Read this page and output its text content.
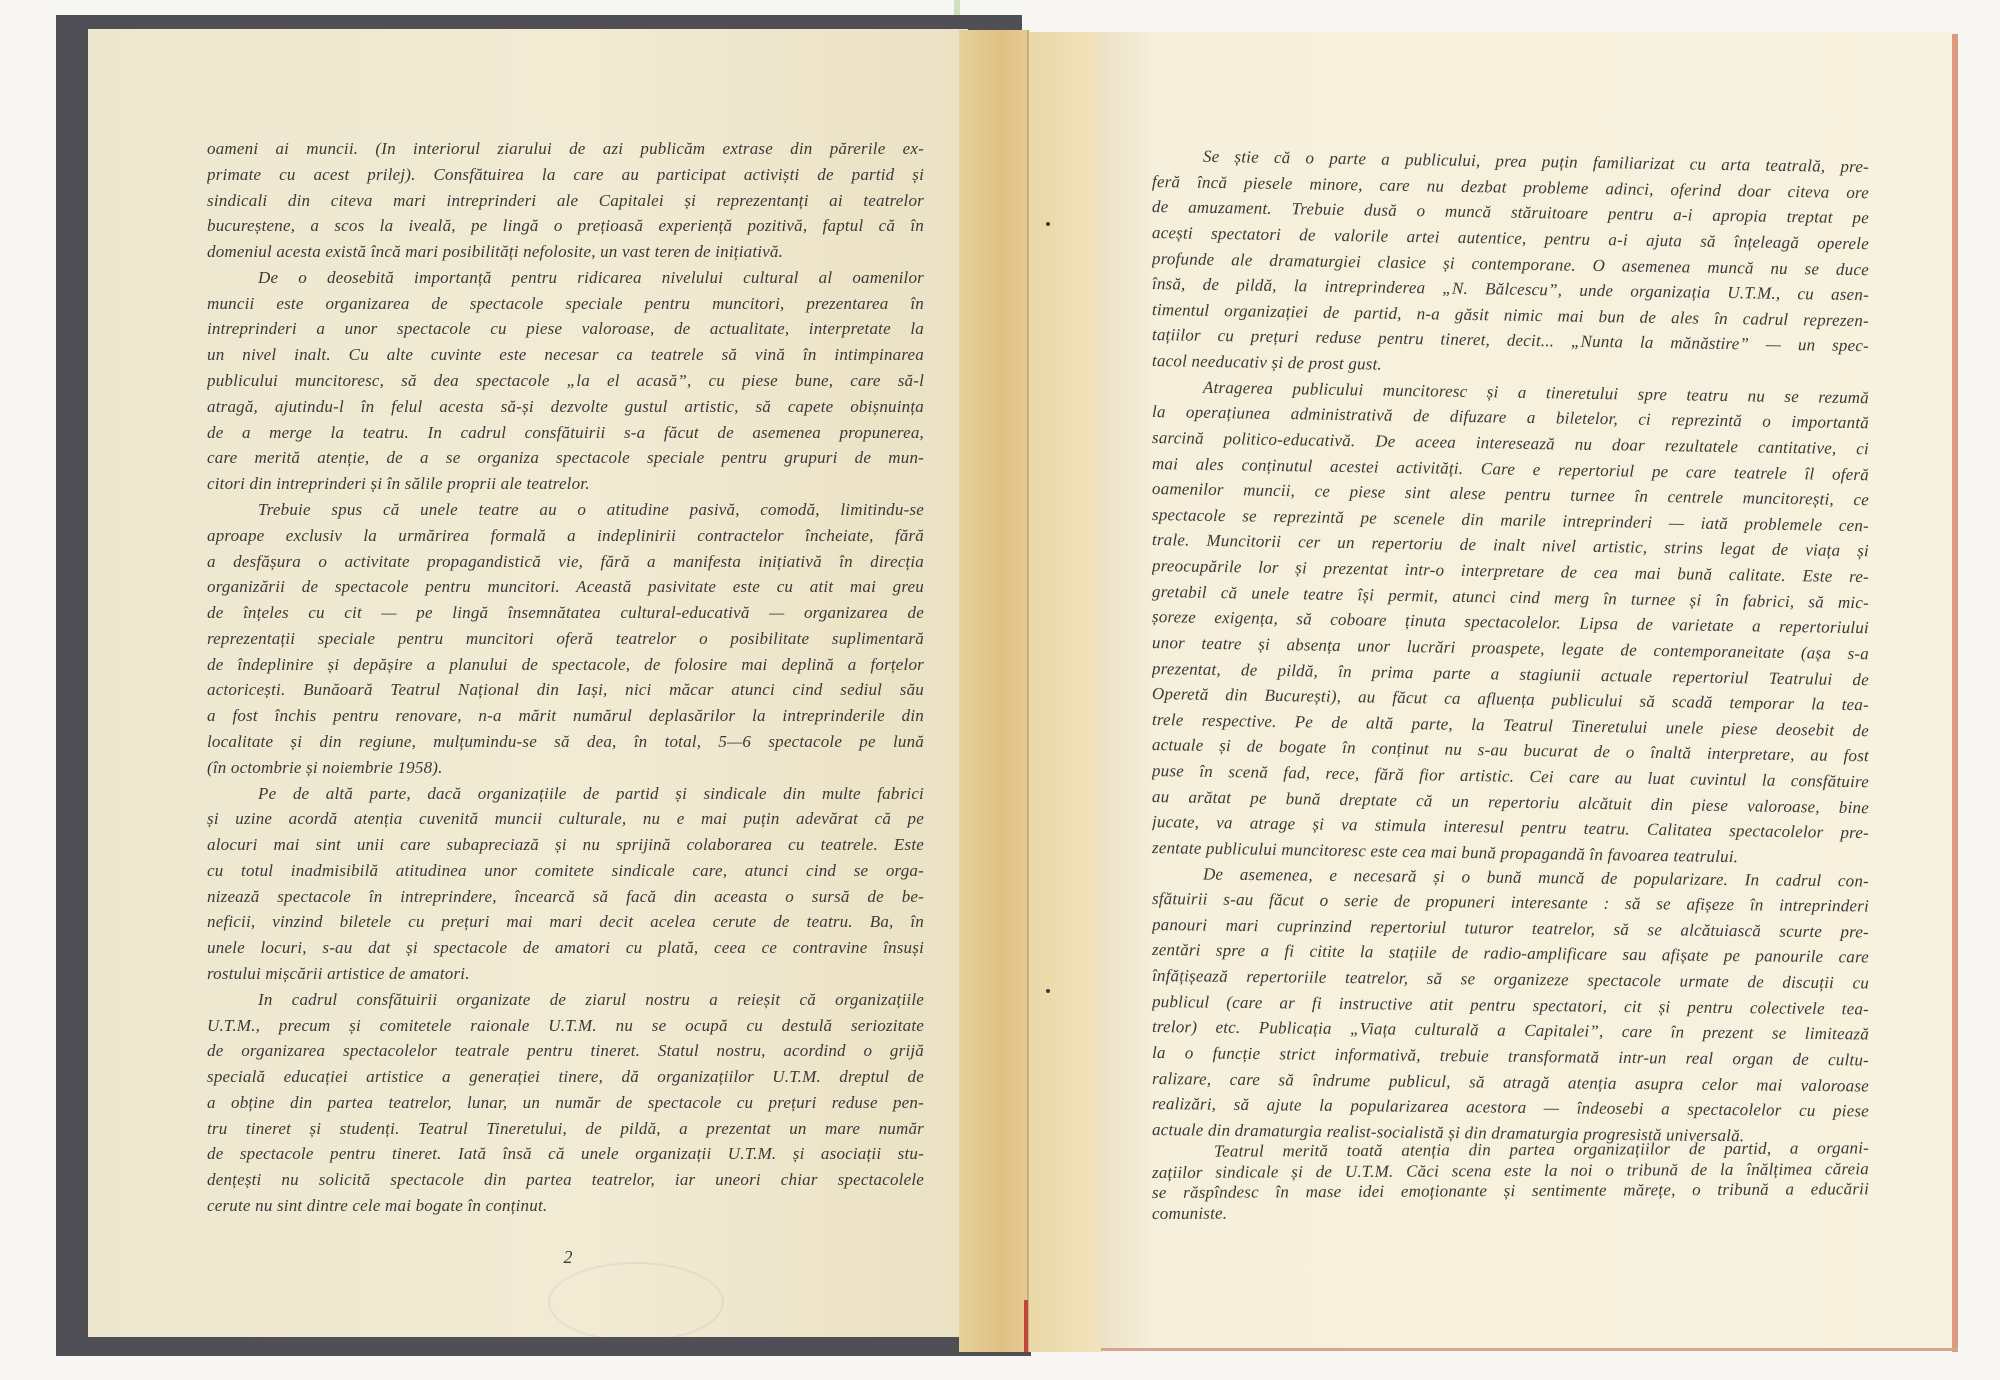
oameni ai muncii. (In interiorul ziarului de azi publicăm extrase din părerile ex-
primate cu acest prilej). Consfătuirea la care au participat activiști de partid și
sindicali din citeva mari intreprinderi ale Capitalei și reprezentanți ai teatrelor
bucureștene, a scos la iveală, pe lingă o prețioasă experiență pozitivă, faptul că în
domeniul acesta există încă mari posibilități nefolosite, un vast teren de inițiativă.
De o deosebită importanță pentru ridicarea nivelului cultural al oamenilor
muncii este organizarea de spectacole speciale pentru muncitori, prezentarea în
intreprinderi a unor spectacole cu piese valoroase, de actualitate, interpretate la
un nivel inalt. Cu alte cuvinte este necesar ca teatrele să vină în intimpinarea
publicului muncitoresc, să dea spectacole „la el acasă”, cu piese bune, care să-l
atragă, ajutindu-l în felul acesta să-și dezvolte gustul artistic, să capete obișnuința
de a merge la teatru. In cadrul consfătuirii s-a făcut de asemenea propunerea,
care merită atenție, de a se organiza spectacole speciale pentru grupuri de mun-
citori din intreprinderi și în sălile proprii ale teatrelor.
Trebuie spus că unele teatre au o atitudine pasivă, comodă, limitindu-se
aproape exclusiv la urmărirea formală a indeplinirii contractelor încheiate, fără
a desfășura o activitate propagandistică vie, fără a manifesta inițiativă în direcția
organizării de spectacole pentru muncitori. Această pasivitate este cu atit mai greu
de înțeles cu cit — pe lingă însemnătatea cultural-educativă — organizarea de
reprezentații speciale pentru muncitori oferă teatrelor o posibilitate suplimentară
de îndeplinire și depășire a planului de spectacole, de folosire mai deplină a forțelor
actoricești. Bunăoară Teatrul Național din Iași, nici măcar atunci cind sediul său
a fost închis pentru renovare, n-a mărit numărul deplasărilor la intreprinderile din
localitate și din regiune, mulțumindu-se să dea, în total, 5—6 spectacole pe lună
(în octombrie și noiembrie 1958).
Pe de altă parte, dacă organizațiile de partid și sindicale din multe fabrici
și uzine acordă atenția cuvenită muncii culturale, nu e mai puțin adevărat că pe
alocuri mai sint unii care subapreciază și nu sprijină colaborarea cu teatrele. Este
cu totul inadmisibilă atitudinea unor comitete sindicale care, atunci cind se orga-
nizează spectacole în intreprindere, încearcă să facă din aceasta o sursă de be-
neficii, vinzind biletele cu prețuri mai mari decit acelea cerute de teatru. Ba, în
unele locuri, s-au dat și spectacole de amatori cu plată, ceea ce contravine însuși
rostului mișcării artistice de amatori.
In cadrul consfătuirii organizate de ziarul nostru a reieșit că organizațiile
U.T.M., precum și comitetele raionale U.T.M. nu se ocupă cu destulă seriozitate
de organizarea spectacolelor teatrale pentru tineret. Statul nostru, acordind o grijă
specială educației artistice a generației tinere, dă organizațiilor U.T.M. dreptul de
a obține din partea teatrelor, lunar, un număr de spectacole cu prețuri reduse pen-
tru tineret și studenți. Teatrul Tineretului, de pildă, a prezentat un mare număr
de spectacole pentru tineret. Iată însă că unele organizații U.T.M. și asociații stu-
dențești nu solicită spectacole din partea teatrelor, iar uneori chiar spectacolele
cerute nu sint dintre cele mai bogate în conținut.
2
Se știe că o parte a publicului, prea puțin familiarizat cu arta teatrală, pre-
feră încă piesele minore, care nu dezbat probleme adinci, oferind doar citeva ore
de amuzament. Trebuie dusă o muncă stăruitoare pentru a-i apropia treptat pe
acești spectatori de valorile artei autentice, pentru a-i ajuta să înțeleagă operele
profunde ale dramaturgiei clasice și contemporane. O asemenea muncă nu se duce
însă, de pildă, la intreprinderea „N. Bălcescu”, unde organizația U.T.M., cu asen-
timentul organizației de partid, n-a găsit nimic mai bun de ales în cadrul reprezen-
tațiilor cu prețuri reduse pentru tineret, decit... „Nunta la mănăstire” — un spec-
tacol needucativ și de prost gust.
Atragerea publicului muncitoresc și a tineretului spre teatru nu se rezumă
la operațiunea administrativă de difuzare a biletelor, ci reprezintă o importantă
sarcină politico-educativă. De aceea interesează nu doar rezultatele cantitative, ci
mai ales conținutul acestei activități. Care e repertoriul pe care teatrele îl oferă
oamenilor muncii, ce piese sint alese pentru turnee în centrele muncitorești, ce
spectacole se reprezintă pe scenele din marile intreprinderi — iată problemele cen-
trale. Muncitorii cer un repertoriu de inalt nivel artistic, strins legat de viața și
preocupările lor și prezentat intr-o interpretare de cea mai bună calitate. Este re-
gretabil că unele teatre își permit, atunci cind merg în turnee și în fabrici, să mic-
șoreze exigența, să coboare ținuta spectacolelor. Lipsa de varietate a repertoriului
unor teatre și absența unor lucrări proaspete, legate de contemporaneitate (așa s-a
prezentat, de pildă, în prima parte a stagiunii actuale repertoriul Teatrului de
Operetă din București), au făcut ca afluența publicului să scadă temporar la tea-
trele respective. Pe de altă parte, la Teatrul Tineretului unele piese deosebit de
actuale și de bogate în conținut nu s-au bucurat de o înaltă interpretare, au fost
puse în scenă fad, rece, fără fior artistic. Cei care au luat cuvintul la consfătuire
au arătat pe bună dreptate că un repertoriu alcătuit din piese valoroase, bine
jucate, va atrage și va stimula interesul pentru teatru. Calitatea spectacolelor pre-
zentate publicului muncitoresc este cea mai bună propagandă în favoarea teatrului.
De asemenea, e necesară și o bună muncă de popularizare. In cadrul con-
sfătuirii s-au făcut o serie de propuneri interesante : să se afișeze în intreprinderi
panouri mari cuprinzind repertoriul tuturor teatrelor, să se alcătuiască scurte pre-
zentări spre a fi citite la stațiile de radio-amplificare sau afișate pe panourile care
înfățișează repertoriile teatrelor, să se organizeze spectacole urmate de discuții cu
publicul (care ar fi instructive atit pentru spectatori, cit și pentru colectivele tea-
trelor) etc. Publicația „Viața culturală a Capitalei”, care în prezent se limitează
la o funcție strict informativă, trebuie transformată intr-un real organ de cultu-
ralizare, care să îndrume publicul, să atragă atenția asupra celor mai valoroase
realizări, să ajute la popularizarea acestora — îndeosebi a spectacolelor cu piese
actuale din dramaturgia realist-socialistă și din dramaturgia progresistă universală.
Teatrul merită toată atenția din partea organizațiilor de partid, a organi-
zațiilor sindicale și de U.T.M. Căci scena este la noi o tribună de la înălțimea căreia
se răspîndesc în mase idei emoționante și sentimente mărețe, o tribună a educării
comuniste.
